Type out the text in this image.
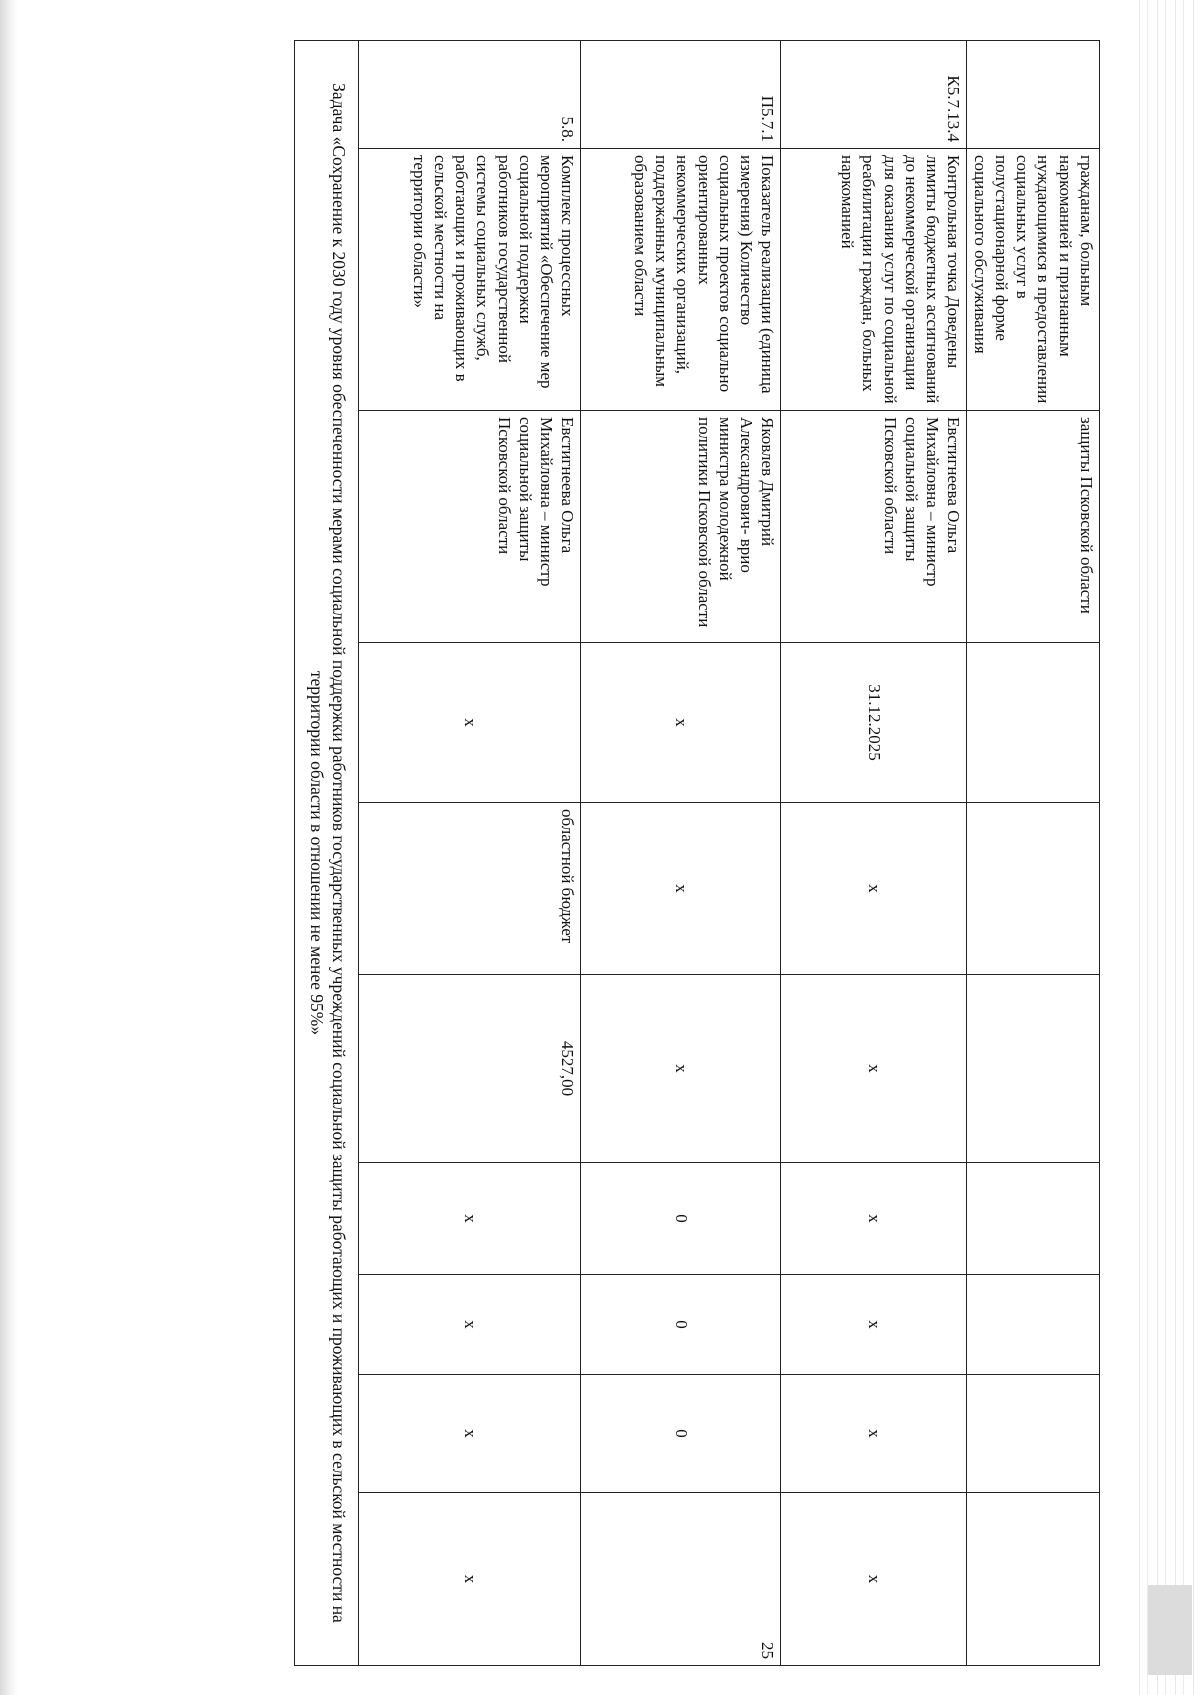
	гражданам, больным наркоманией и признанным нуждающимися в предоставлении социальных услуг в полустационарной форме социального обслуживания	защиты Псковской области							
К5.7.13.4	Контрольная точка Доведены лимиты бюджетных ассигнований до некоммерческой организации для оказания услуг по социальной реабилитации граждан, больных наркоманией	Евстигнеева Ольга Михайловна – министр социальной защиты Псковской области	31.12.2025	x	x	x	x	x	x
П5.7.1	Показатель реализации (единица измерения) Количество социальных проектов социально ориентированных некоммерческих организаций, поддержанных муниципальным образованием области	Яковлев Дмитрий Александрович- врио министра молодежной политики Псковской области	x	x	x	0	0	0	25
5.8.	Комплекс процессных мероприятий «Обеспечение мер социальной поддержки работников государственной системы социальных служб, работающих и проживающих в сельской местности на территории области»	Евстигнеева Ольга Михайловна – министр социальной защиты Псковской области	x	областной бюджет	4527,00	x	x	x	x
Задача «Сохранение к 2030 году уровня обеспеченности мерами социальной поддержки работников государственных учреждений социальной защиты работающих и проживающих в сельской местности на территории области в отношении не менее 95%»									
